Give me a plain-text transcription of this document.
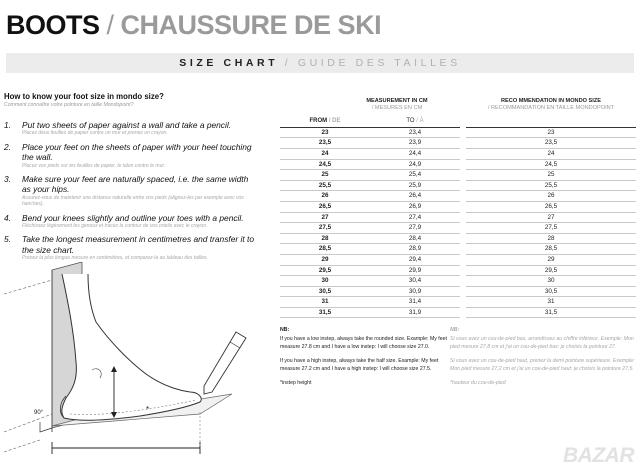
BOOTS / CHAUSSURE DE SKI
SIZE CHART / GUIDE DES TAILLES
How to know your foot size in mondo size?
Comment connaître votre pointure en taille Mondopoint?
1. Put two sheets of paper against a wall and take a pencil.
Placez deux feuilles de papier contre un mur et prenez un crayon.
2. Place your feet on the sheets of paper with your heel touching the wall.
Placez vos pieds sur les feuilles de papier, le talon contre le mur.
3. Make sure your feet are naturally spaced, i.e. the same width as your hips.
Assurez-vous de maintenir une distance naturelle entre vos pieds (alignez-les par exemple avec vos hanches).
4. Bend your knees slightly and outline your toes with a pencil.
Fléchissez légèrement les genoux et tracez le contour de vos orteils avec le crayon.
5. Take the longest measurement in centimetres and transfer it to the size chart.
Prenez la plus longue mesure en centimètres, et comparez-la au tableau des tailles.
90°	*
MEASUREMENT IN CM
/ MESURES EN CM
RECO MMENDATION IN MONDO SIZE
/ RECOMMANDATION EN TAILLE MONDOPOINT
FROM / DE	TO / À		
23	23,4		23
23,5	23,9		23,5
24	24,4		24
24,5	24,9		24,5
25	25,4		25
25,5	25,9		25,5
26	26,4		26
26,5	26,9		26,5
27	27,4		27
27,5	27,9		27,5
28	28,4		28
28,5	28,9		28,5
29	29,4		29
29,5	29,9		29,5
30	30,4		30
30,5	30,9		30,5
31	31,4		31
31,5	31,9		31,5
NB:

If you have a low instep, always take the rounded size. Example: My feet measure 27.8 cm and I have a low instep: I will choose size 27.0.

If you have a high instep, always take the half size. Example: My feet measure 27.2 cm and I have a high instep: I will choose size 27.5.

*instep height

NB:

Si vous avez un cou-de-pied bas, arrondissez au chiffre inférieur. Exemple: Mon pied mesure 27,8 cm et j'ai un cou-de-pied bas: je choisis la pointure 27.

Si vous avez un cou-de-pied haut, prenez la demi pointure supérieure. Exemple: Mon pied mesure 27,2 cm et j'ai un cou-de-pied haut: je choisis la pointure 27,5.

*hauteur du cou-de-pied

BAZAR
